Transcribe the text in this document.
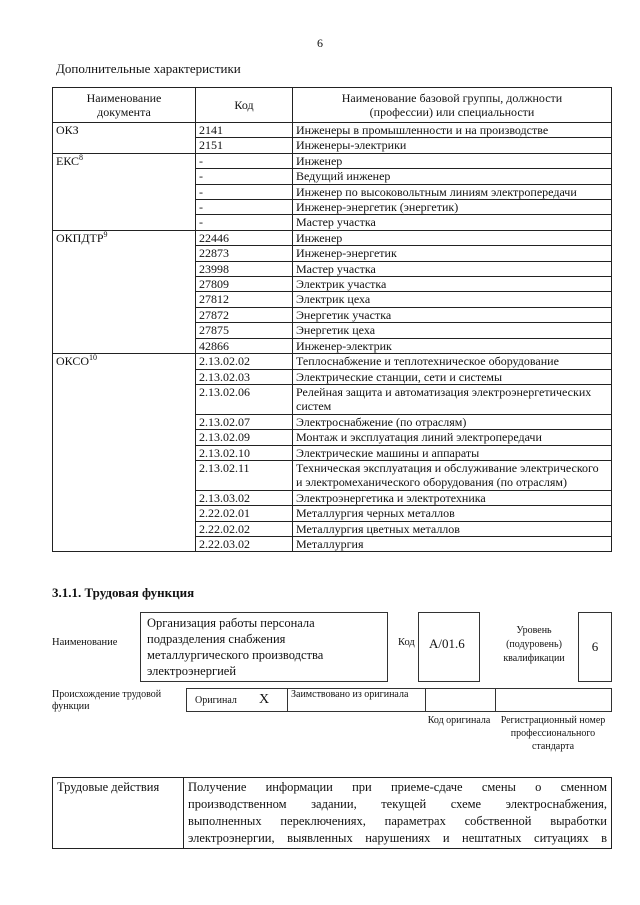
6
Дополнительные характеристики
Наименование документа	Код	Наименование базовой группы, должности (профессии) или специальности
ОКЗ	2141	Инженеры в промышленности и на производстве
	2151	Инженеры-электрики
ЕКС$^8$	-	Инженер
	-	Ведущий инженер
	-	Инженер по высоковольтным линиям электропередачи
	-	Инженер-энергетик (энергетик)
	-	Мастер участка
ОКПДТР$^9$	22446	Инженер
	22873	Инженер-энергетик
	23998	Мастер участка
	27809	Электрик участка
	27812	Электрик цеха
	27872	Энергетик участка
	27875	Энергетик цеха
	42866	Инженер-электрик
ОКСО$^{10}$	2.13.02.02	Теплоснабжение и теплотехническое оборудование
	2.13.02.03	Электрические станции, сети и системы
	2.13.02.06	Релейная защита и автоматизация электроэнергетических систем
	2.13.02.07	Электроснабжение (по отраслям)
	2.13.02.09	Монтаж и эксплуатация линий электропередачи
	2.13.02.10	Электрические машины и аппараты
	2.13.02.11	Техническая эксплуатация и обслуживание электрического и электромеханического оборудования (по отраслям)
	2.13.03.02	Электроэнергетика и электротехника
	2.22.02.01	Металлургия черных металлов
	2.22.02.02	Металлургия цветных металлов
	2.22.03.02	Металлургия
3.1.1. Трудовая функция
Наименование
Организация работы персонала подразделения снабжения металлургического производства электроэнергией
Код	А/01.6
Уровень (подуровень) квалификации
6
Происхождение трудовой функции
Оригинал X Заимствовано из оригинала
Код оригинала	Регистрационный номер профессионального стандарта
Трудовые действия	Получение информации при приеме-сдаче смены о сменном
производственном задании, текущей схеме электроснабжения,
выполненных переключениях, параметрах собственной выработки
электроэнергии, выявленных нарушениях и нештатных ситуациях в
